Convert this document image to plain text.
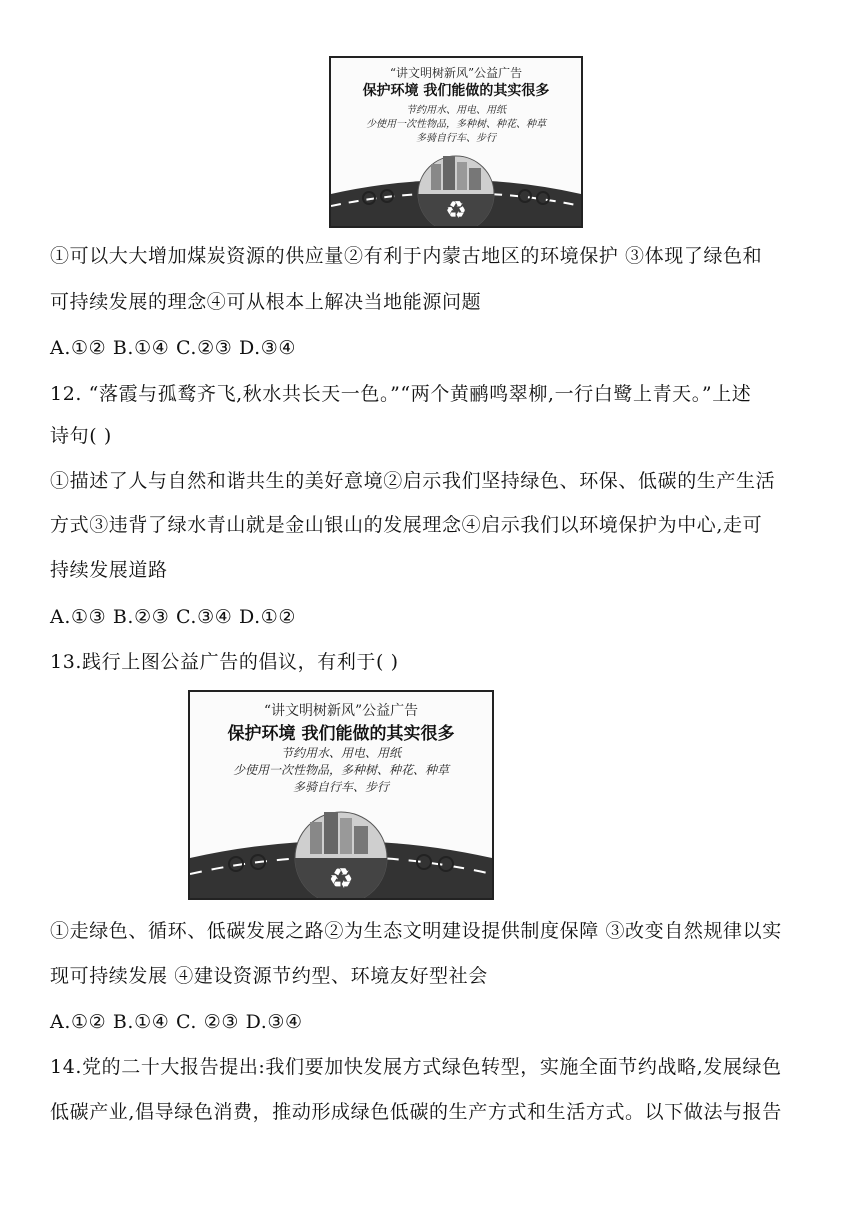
“讲文明树新风”公益广告
保护环境 我们能做的其实很多
节约用水、用电、用纸
少使用一次性物品，多种树、种花、种草
多骑自行车、步行
♻
①可以大大增加煤炭资源的供应量②有利于内蒙古地区的环境保护 ③体现了绿色和
可持续发展的理念④可从根本上解决当地能源问题
A.①② B.①④ C.②③ D.③④
12. “落霞与孤鹜齐飞,秋水共长天一色。”“两个黄鹂鸣翠柳,一行白鹭上青天。”上述
诗句( )
①描述了人与自然和谐共生的美好意境②启示我们坚持绿色、环保、低碳的生产生活
方式③违背了绿水青山就是金山银山的发展理念④启示我们以环境保护为中心,走可
持续发展道路
A.①③ B.②③ C.③④ D.①②
13.践行上图公益广告的倡议，有利于( )
“讲文明树新风”公益广告
保护环境 我们能做的其实很多
节约用水、用电、用纸
少使用一次性物品，多种树、种花、种草
多骑自行车、步行
♻
①走绿色、循环、低碳发展之路②为生态文明建设提供制度保障 ③改变自然规律以实
现可持续发展 ④建设资源节约型、环境友好型社会
A.①② B.①④ C. ②③ D.③④
14.党的二十大报告提出:我们要加快发展方式绿色转型，实施全面节约战略,发展绿色
低碳产业,倡导绿色消费，推动形成绿色低碳的生产方式和生活方式。以下做法与报告
